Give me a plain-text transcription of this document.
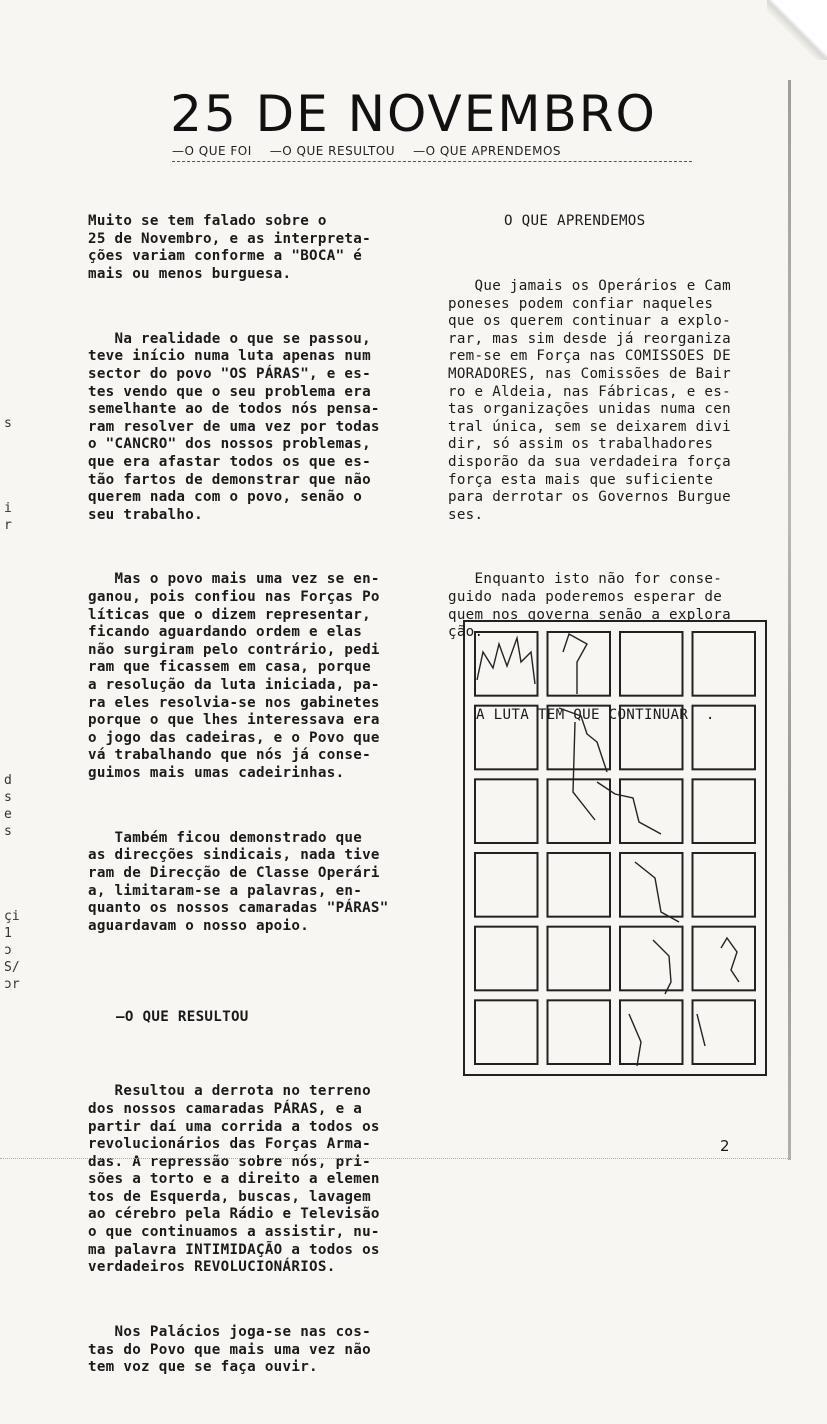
25 DE NOVEMBRO
—O QUE FOI —O QUE RESULTOU —O QUE APRENDEMOS
s

i
r

d
s
e
s

çi
1
ɔ
S/
ɔr

Muito se tem falado sobre o
25 de Novembro, e as interpreta-
ções variam conforme a "BOCA" é
mais ou menos burguesa.

Na realidade o que se passou,
teve início numa luta apenas num
sector do povo "OS PÁRAS", e es-
tes vendo que o seu problema era
semelhante ao de todos nós pensa-
ram resolver de uma vez por todas
o "CANCRO" dos nossos problemas,
que era afastar todos os que es-
tão fartos de demonstrar que não
querem nada com o povo, senão o
seu trabalho.

Mas o povo mais uma vez se en-
ganou, pois confiou nas Forças Po
líticas que o dizem representar,
ficando aguardando ordem e elas
não surgiram pelo contrário, pedi
ram que ficassem em casa, porque
a resolução da luta iniciada, pa-
ra eles resolvia-se nos gabinetes
porque o que lhes interessava era
o jogo das cadeiras, e o Povo que
vá trabalhando que nós já conse-
guimos mais umas cadeirinhas.

Também ficou demonstrado que
as direcções sindicais, nada tive
ram de Direcção de Classe Operári
a, limitaram-se a palavras, en-
quanto os nossos camaradas "PÁRAS"
aguardavam o nosso apoio.

—O QUE RESULTOU

Resultou a derrota no terreno
dos nossos camaradas PÁRAS, e a
partir daí uma corrida a todos os
revolucionários das Forças Arma-
das. A repressão sobre nós, pri-
sões a torto e a direito a elemen
tos de Esquerda, buscas, lavagem
ao cérebro pela Rádio e Televisão
o que continuamos a assistir, nu-
ma palavra INTIMIDAÇÃO a todos os
verdadeiros REVOLUCIONÁRIOS.

Nos Palácios joga-se nas cos-
tas do Povo que mais uma vez não
tem voz que se faça ouvir.

O QUE APRENDEMOS

Que jamais os Operários e Cam
poneses podem confiar naqueles
que os querem continuar a explo-
rar, mas sim desde já reorganiza
rem-se em Força nas COMISSOES DE
MORADORES, nas Comissões de Bair
ro e Aldeia, nas Fábricas, e es-
tas organizações unidas numa cen
tral única, sem se deixarem divi
dir, só assim os trabalhadores
disporão da sua verdadeira força
força esta mais que suficiente
para derrotar os Governos Burgue
ses.

Enquanto isto não for conse-
guido nada poderemos esperar de
quem nos governa senão a explora
ção.

A LUTA TEM QUE CONTINUAR! .

2
